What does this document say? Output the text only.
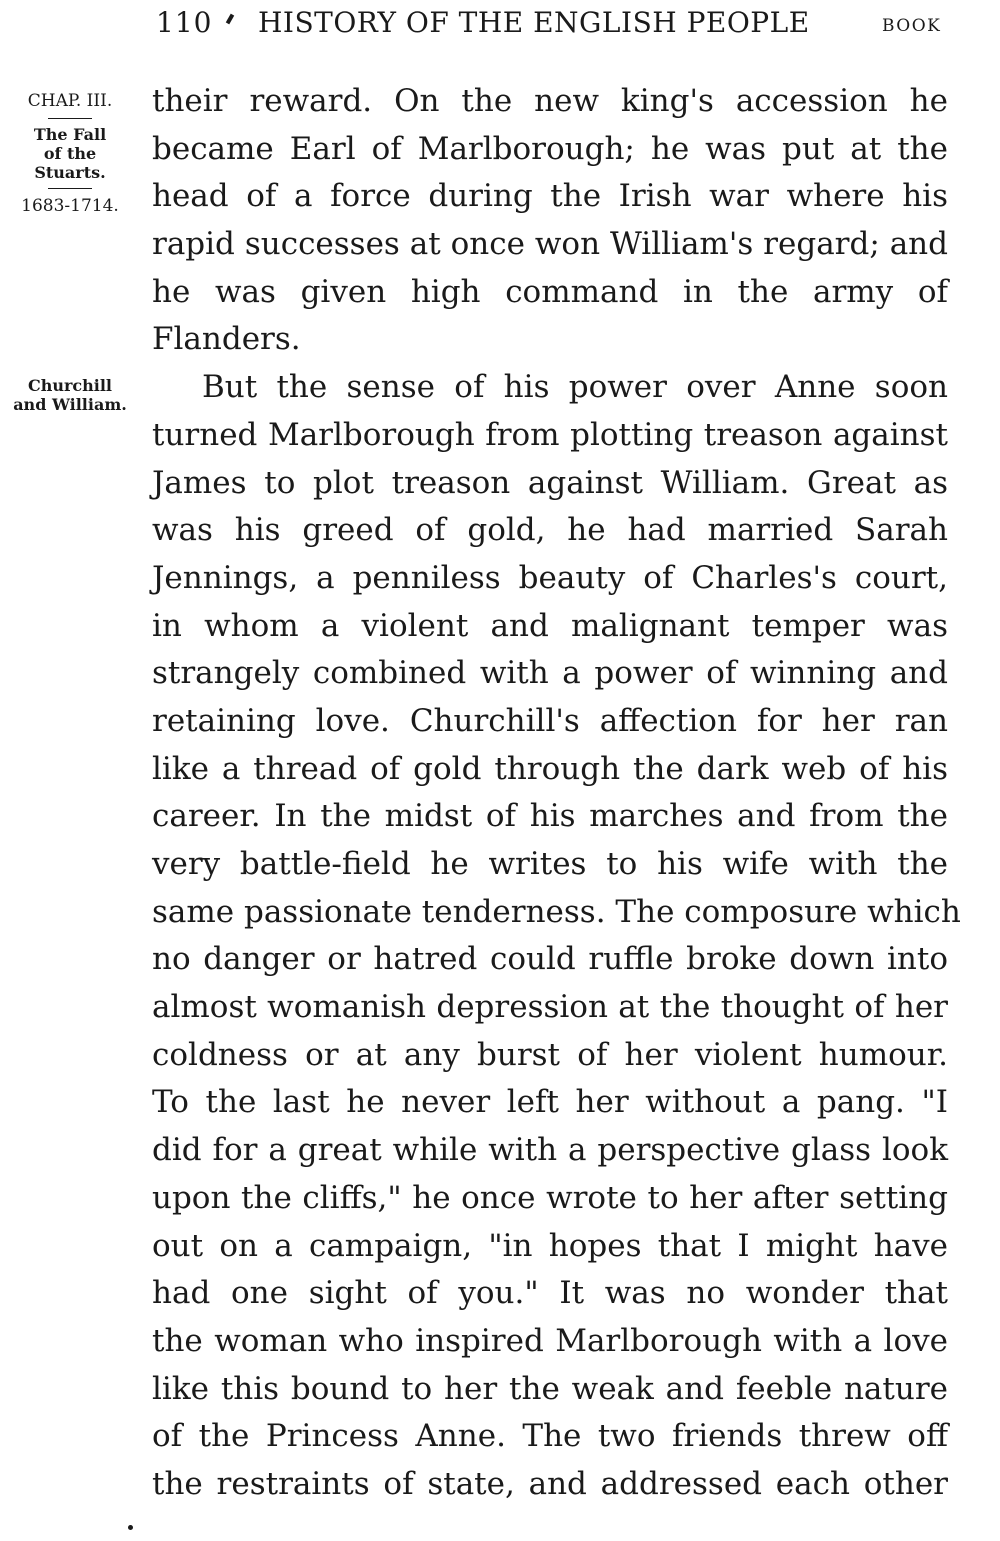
110 HISTORY OF THE ENGLISH PEOPLE	BOOK
CHAP. III.
The Fall
of the
Stuarts.
1683-1714.
Churchill
and William.
their reward. On the new king's accession he
became Earl of Marlborough; he was put at the
head of a force during the Irish war where his
rapid successes at once won William's regard; and
he was given high command in the army of
Flanders.
But the sense of his power over Anne soon
turned Marlborough from plotting treason against
James to plot treason against William. Great as
was his greed of gold, he had married Sarah
Jennings, a penniless beauty of Charles's court,
in whom a violent and malignant temper was
strangely combined with a power of winning and
retaining love. Churchill's affection for her ran
like a thread of gold through the dark web of his
career. In the midst of his marches and from the
very battle-field he writes to his wife with the
same passionate tenderness. The composure which
no danger or hatred could ruffle broke down into
almost womanish depression at the thought of her
coldness or at any burst of her violent humour.
To the last he never left her without a pang. "I
did for a great while with a perspective glass look
upon the cliffs," he once wrote to her after setting
out on a campaign, "in hopes that I might have
had one sight of you." It was no wonder that
the woman who inspired Marlborough with a love
like this bound to her the weak and feeble nature
of the Princess Anne. The two friends threw off
the restraints of state, and addressed each other
